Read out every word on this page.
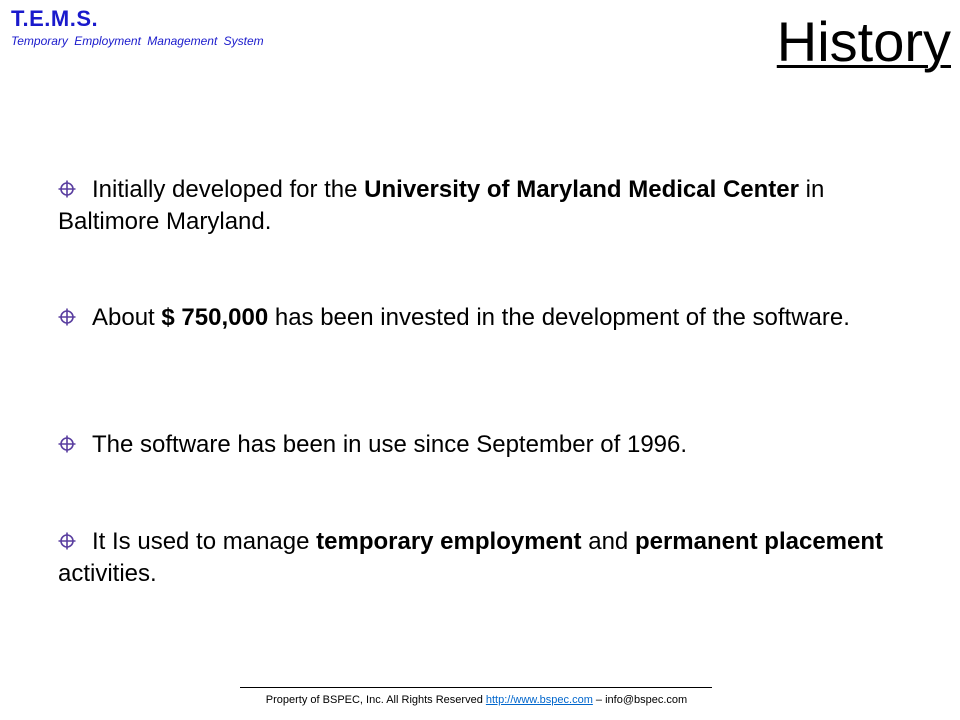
T.E.M.S.
Temporary Employment Management System	History
Initially developed for the University of Maryland Medical Center in Baltimore Maryland.
About $ 750,000 has been invested in the development of the software.
The software has been in use since September of 1996.
It Is used to manage temporary employment and permanent placement activities.
Property of BSPEC, Inc. All Rights Reserved http://www.bspec.com – info@bspec.com
